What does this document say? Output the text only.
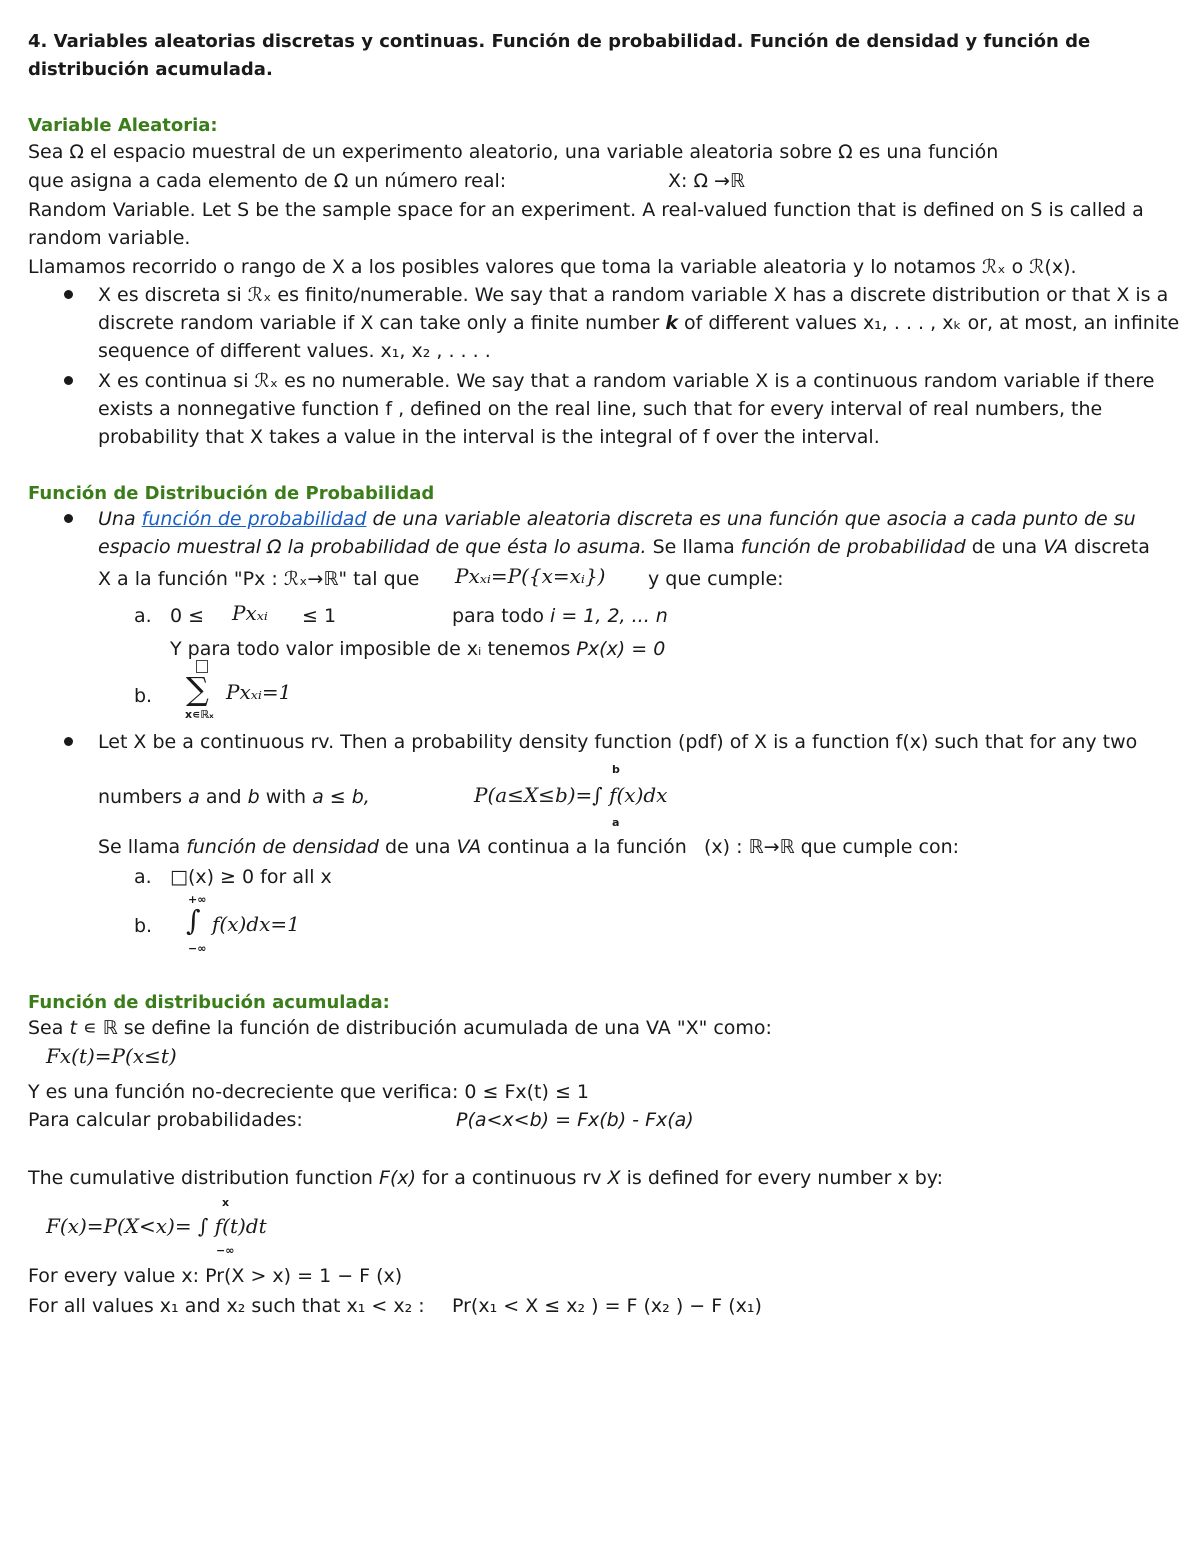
4. Variables aleatorias discretas y continuas. Función de probabilidad. Función de densidad y función de
distribución acumulada.
Variable Aleatoria:
Sea Ω el espacio muestral de un experimento aleatorio, una variable aleatoria sobre Ω es una función
que asigna a cada elemento de Ω un número real:	X: Ω →ℝ
Random Variable. Let S be the sample space for an experiment. A real-valued function that is defined on S is called a
random variable.
Llamamos recorrido o rango de X a los posibles valores que toma la variable aleatoria y lo notamos ℛₓ o ℛ(x).
X es discreta si ℛₓ es finito/numerable. We say that a random variable X has a discrete distribution or that X is a
discrete random variable if X can take only a finite number k of different values x₁, . . . , xₖ or, at most, an infinite
sequence of different values. x₁, x₂ , . . . .
X es continua si ℛₓ es no numerable. We say that a random variable X is a continuous random variable if there
exists a nonnegative function f , defined on the real line, such that for every interval of real numbers, the
probability that X takes a value in the interval is the integral of f over the interval.
Función de Distribución de Probabilidad
Una función de probabilidad de una variable aleatoria discreta es una función que asocia a cada punto de su
espacio muestral Ω la probabilidad de que ésta lo asuma. Se llama función de probabilidad de una VA discreta
X a la función "Px : ℛₓ→ℝ" tal que Pxₓᵢ=P({x=xᵢ}) y que cumple:
a. 0 ≤ Pxₓᵢ ≤ 1	para todo i = 1, 2, ... n
Y para todo valor imposible de xᵢ tenemos Px(x) = 0
b. ∑
x∊ℝₓ
Pxₓᵢ=1
Let X be a continuous rv. Then a probability density function (pdf) of X is a function f(x) such that for any two
numbers a and b with a ≤ b,
b
P(a≤X≤b)=∫ f(x)dx
a
Se llama función de densidad de una VA continua a la función (x) : ℝ→ℝ que cumple con:
a. □(x) ≥ 0 for all x
b.
+∞
∫ f(x)dx=1
−∞
Función de distribución acumulada:
Sea t ∊ ℝ se define la función de distribución acumulada de una VA "X" como:
Fx(t)=P(x≤t)
Y es una función no-decreciente que verifica: 0 ≤ Fx(t) ≤ 1
Para calcular probabilidades:	P(a<x<b) = Fx(b) - Fx(a)
The cumulative distribution function F(x) for a continuous rv X is defined for every number x by:
x
F(x)=P(X<x)= ∫ f(t)dt
−∞
For every value x: Pr(X > x) = 1 − F (x)
For all values x₁ and x₂ such that x₁ < x₂ : Pr(x₁ < X ≤ x₂ ) = F (x₂ ) − F (x₁)
